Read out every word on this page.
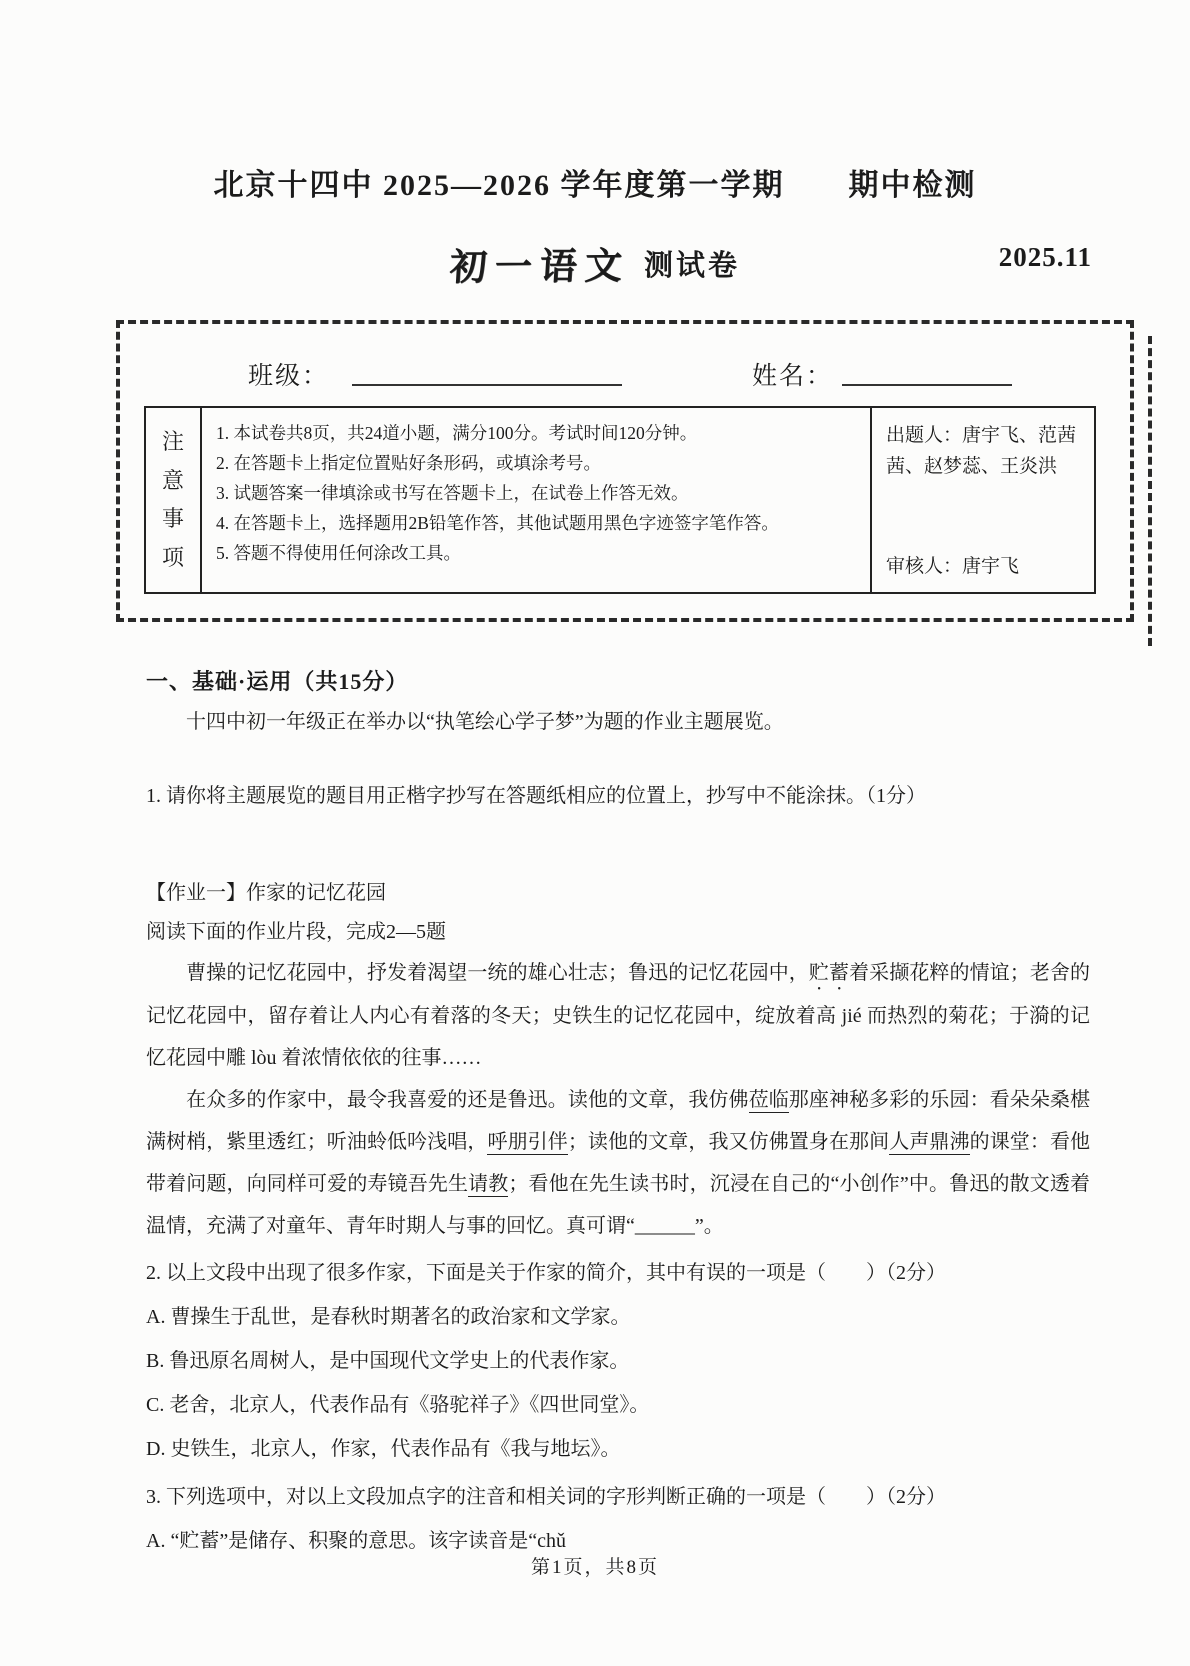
北京十四中 2025—2026 学年度第一学期　　期中检测
初一语文 测试卷	2025.11
班级：	姓名：
注
意
事
项
1. 本试卷共8页，共24道小题，满分100分。考试时间120分钟。
2. 在答题卡上指定位置贴好条形码，或填涂考号。
3. 试题答案一律填涂或书写在答题卡上，在试卷上作答无效。
4. 在答题卡上，选择题用2B铅笔作答，其他试题用黑色字迹签字笔作答。
5. 答题不得使用任何涂改工具。
出题人：唐宇飞、范茜茜、赵梦蕊、王炎洪
审核人：唐宇飞
一、基础·运用（共15分）
十四中初一年级正在举办以“执笔绘心学子梦”为题的作业主题展览。
1. 请你将主题展览的题目用正楷字抄写在答题纸相应的位置上，抄写中不能涂抹。（1分）
【作业一】作家的记忆花园
阅读下面的作业片段，完成2—5题
　　曹操的记忆花园中，抒发着渴望一统的雄心壮志；鲁迅的记忆花园中，贮蓄着采撷花粹的情谊；老舍的记忆花园中，留存着让人内心有着落的冬天；史铁生的记忆花园中，绽放着高 jié 而热烈的菊花；于漪的记忆花园中雕 lòu 着浓情依依的往事……
　　在众多的作家中，最令我喜爱的还是鲁迅。读他的文章，我仿佛莅临那座神秘多彩的乐园：看朵朵桑椹满树梢，紫里透红；听油蛉低吟浅唱，呼朋引伴；读他的文章，我又仿佛置身在那间人声鼎沸的课堂：看他带着问题，向同样可爱的寿镜吾先生请教；看他在先生读书时，沉浸在自己的“小创作”中。鲁迅的散文透着温情，充满了对童年、青年时期人与事的回忆。真可谓“______”。
2. 以上文段中出现了很多作家，下面是关于作家的简介，其中有误的一项是（　　）（2分）
A. 曹操生于乱世，是春秋时期著名的政治家和文学家。
B. 鲁迅原名周树人，是中国现代文学史上的代表作家。
C. 老舍，北京人，代表作品有《骆驼祥子》《四世同堂》。
D. 史铁生，北京人，作家，代表作品有《我与地坛》。
3. 下列选项中，对以上文段加点字的注音和相关词的字形判断正确的一项是（　　）（2分）
A. “贮蓄”是储存、积聚的意思。该字读音是“chǔ
第1页，共8页
